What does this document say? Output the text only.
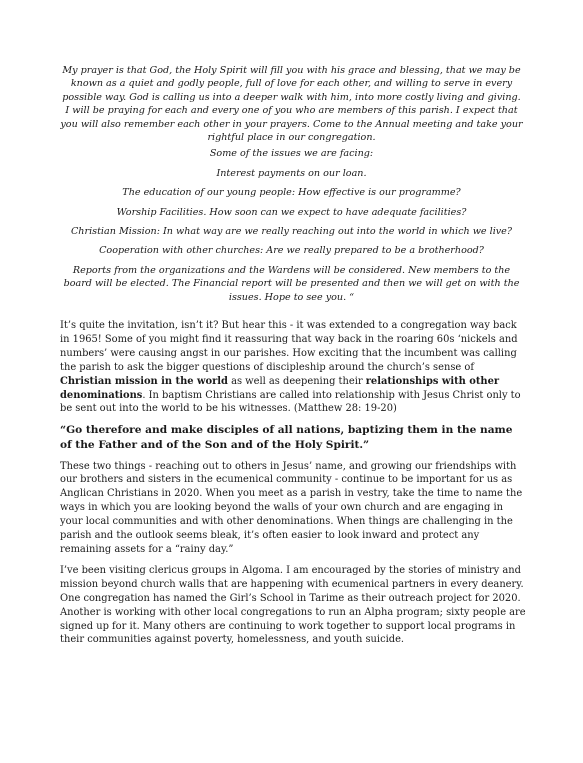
My prayer is that God, the Holy Spirit will fill you with his grace and blessing, that we may be known as a quiet and godly people, full of love for each other, and willing to serve in every possible way. God is calling us into a deeper walk with him, into more costly living and giving. I will be praying for each and every one of you who are members of this parish. I expect that you will also remember each other in your prayers. Come to the Annual meeting and take your rightful place in our congregation.

Some of the issues we are facing:

Interest payments on our loan.

The education of our young people: How effective is our programme?

Worship Facilities. How soon can we expect to have adequate facilities?

Christian Mission: In what way are we really reaching out into the world in which we live?

Cooperation with other churches: Are we really prepared to be a brotherhood?

Reports from the organizations and the Wardens will be considered. New members to the board will be elected. The Financial report will be presented and then we will get on with the issues. Hope to see you. “

It’s quite the invitation, isn’t it? But hear this - it was extended to a congregation way back in 1965! Some of you might find it reassuring that way back in the roaring 60s ‘nickels and numbers’ were causing angst in our parishes. How exciting that the incumbent was calling the parish to ask the bigger questions of discipleship around the church’s sense of Christian mission in the world as well as deepening their relationships with other denominations. In baptism Christians are called into relationship with Jesus Christ only to be sent out into the world to be his witnesses. (Matthew 28: 19-20)

“Go therefore and make disciples of all nations, baptizing them in the name of the Father and of the Son and of the Holy Spirit.”

These two things - reaching out to others in Jesus’ name, and growing our friendships with our brothers and sisters in the ecumenical community - continue to be important for us as Anglican Christians in 2020. When you meet as a parish in vestry, take the time to name the ways in which you are looking beyond the walls of your own church and are engaging in your local communities and with other denominations. When things are challenging in the parish and the outlook seems bleak, it’s often easier to look inward and protect any remaining assets for a “rainy day.”

I’ve been visiting clericus groups in Algoma. I am encouraged by the stories of ministry and mission beyond church walls that are happening with ecumenical partners in every deanery. One congregation has named the Girl’s School in Tarime as their outreach project for 2020. Another is working with other local congregations to run an Alpha program; sixty people are signed up for it. Many others are continuing to work together to support local programs in their communities against poverty, homelessness, and youth suicide.
